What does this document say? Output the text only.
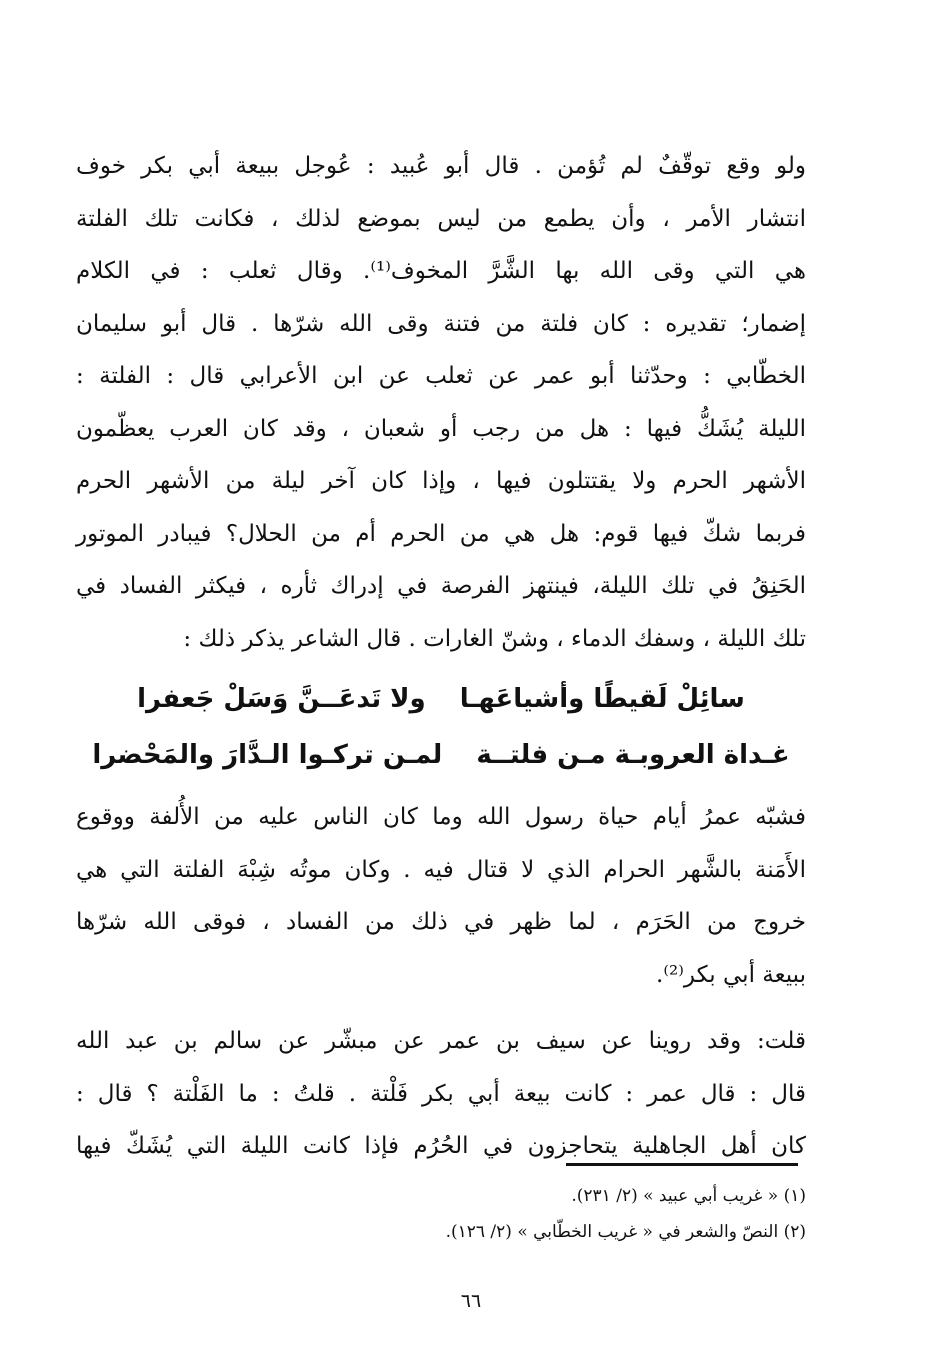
ولو وقع توقّفٌ لم تُؤمن . قال أبو عُبيد : عُوجل ببيعة أبي بكر خوف
انتشار الأمر ، وأن يطمع من ليس بموضع لذلك ، فكانت تلك الفلتة
هي التي وقى الله بها الشَّرَّ المخوف⁽¹⁾. وقال ثعلب : في الكلام
إضمار؛ تقديره : كان فلتة من فتنة وقى الله شرّها . قال أبو سليمان
الخطّابي : وحدّثنا أبو عمر عن ثعلب عن ابن الأعرابي قال : الفلتة :
الليلة يُشَكُّ فيها : هل من رجب أو شعبان ، وقد كان العرب يعظّمون
الأشهر الحرم ولا يقتتلون فيها ، وإذا كان آخر ليلة من الأشهر الحرم
فربما شكّ فيها قوم: هل هي من الحرم أم من الحلال؟ فيبادر الموتور
الحَنِقُ في تلك الليلة، فينتهز الفرصة في إدراك ثأره ، فيكثر الفساد في
تلك الليلة ، وسفك الدماء ، وشنّ الغارات . قال الشاعر يذكر ذلك :

سائِلْ لَقيطًا وأشياعَهـا
ولا تَدعَــنَّ وَسَلْ جَعفرا
غـداة العروبـة مـن فلتــة
لمـن تركـوا الـدَّارَ والمَحْضرا

فشبّه عمرُ أيام حياة رسول الله وما كان الناس عليه من الأُلفة ووقوع
الأَمَنة بالشَّهر الحرام الذي لا قتال فيه . وكان موتُه شِبْهَ الفلتة التي هي
خروج من الحَرَم ، لما ظهر في ذلك من الفساد ، فوقى الله شرّها
ببيعة أبي بكر⁽²⁾.

قلت: وقد روينا عن سيف بن عمر عن مبشّر عن سالم بن عبد الله
قال : قال عمر : كانت بيعة أبي بكر فَلْتة . قلتُ : ما الفَلْتة ؟ قال :
كان أهل الجاهلية يتحاجزون في الحُرُم فإذا كانت الليلة التي يُشَكّ فيها

(١) « غريب أبي عبيد » (٢/ ٢٣١).
(٢) النصّ والشعر في « غريب الخطّابي » (٢/ ١٢٦).
٦٦
